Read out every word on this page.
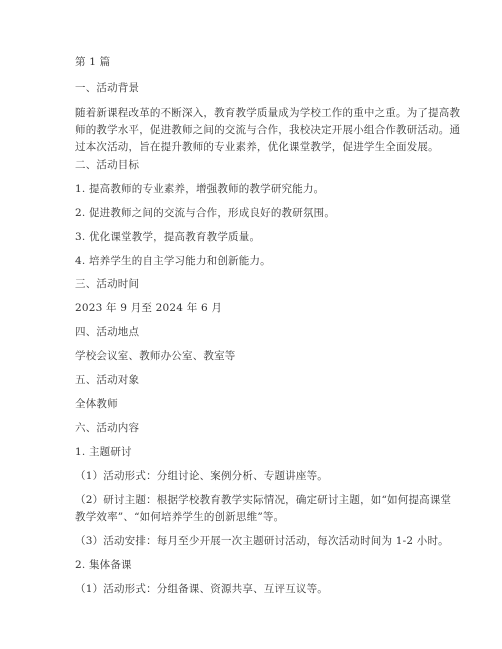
第 1 篇
一、活动背景
随着新课程改革的不断深入，教育教学质量成为学校工作的重中之重。为了提高教
师的教学水平，促进教师之间的交流与合作，我校决定开展小组合作教研活动。通
过本次活动，旨在提升教师的专业素养，优化课堂教学，促进学生全面发展。
二、活动目标
1. 提高教师的专业素养，增强教师的教学研究能力。
2. 促进教师之间的交流与合作，形成良好的教研氛围。
3. 优化课堂教学，提高教育教学质量。
4. 培养学生的自主学习能力和创新能力。
三、活动时间
2023 年 9 月至 2024 年 6 月
四、活动地点
学校会议室、教师办公室、教室等
五、活动对象
全体教师
六、活动内容
1. 主题研讨
（1）活动形式：分组讨论、案例分析、专题讲座等。
（2）研讨主题：根据学校教育教学实际情况，确定研讨主题，如“如何提高课堂
教学效率”、“如何培养学生的创新思维”等。
（3）活动安排：每月至少开展一次主题研讨活动，每次活动时间为 1-2 小时。
2. 集体备课
（1）活动形式：分组备课、资源共享、互评互议等。
